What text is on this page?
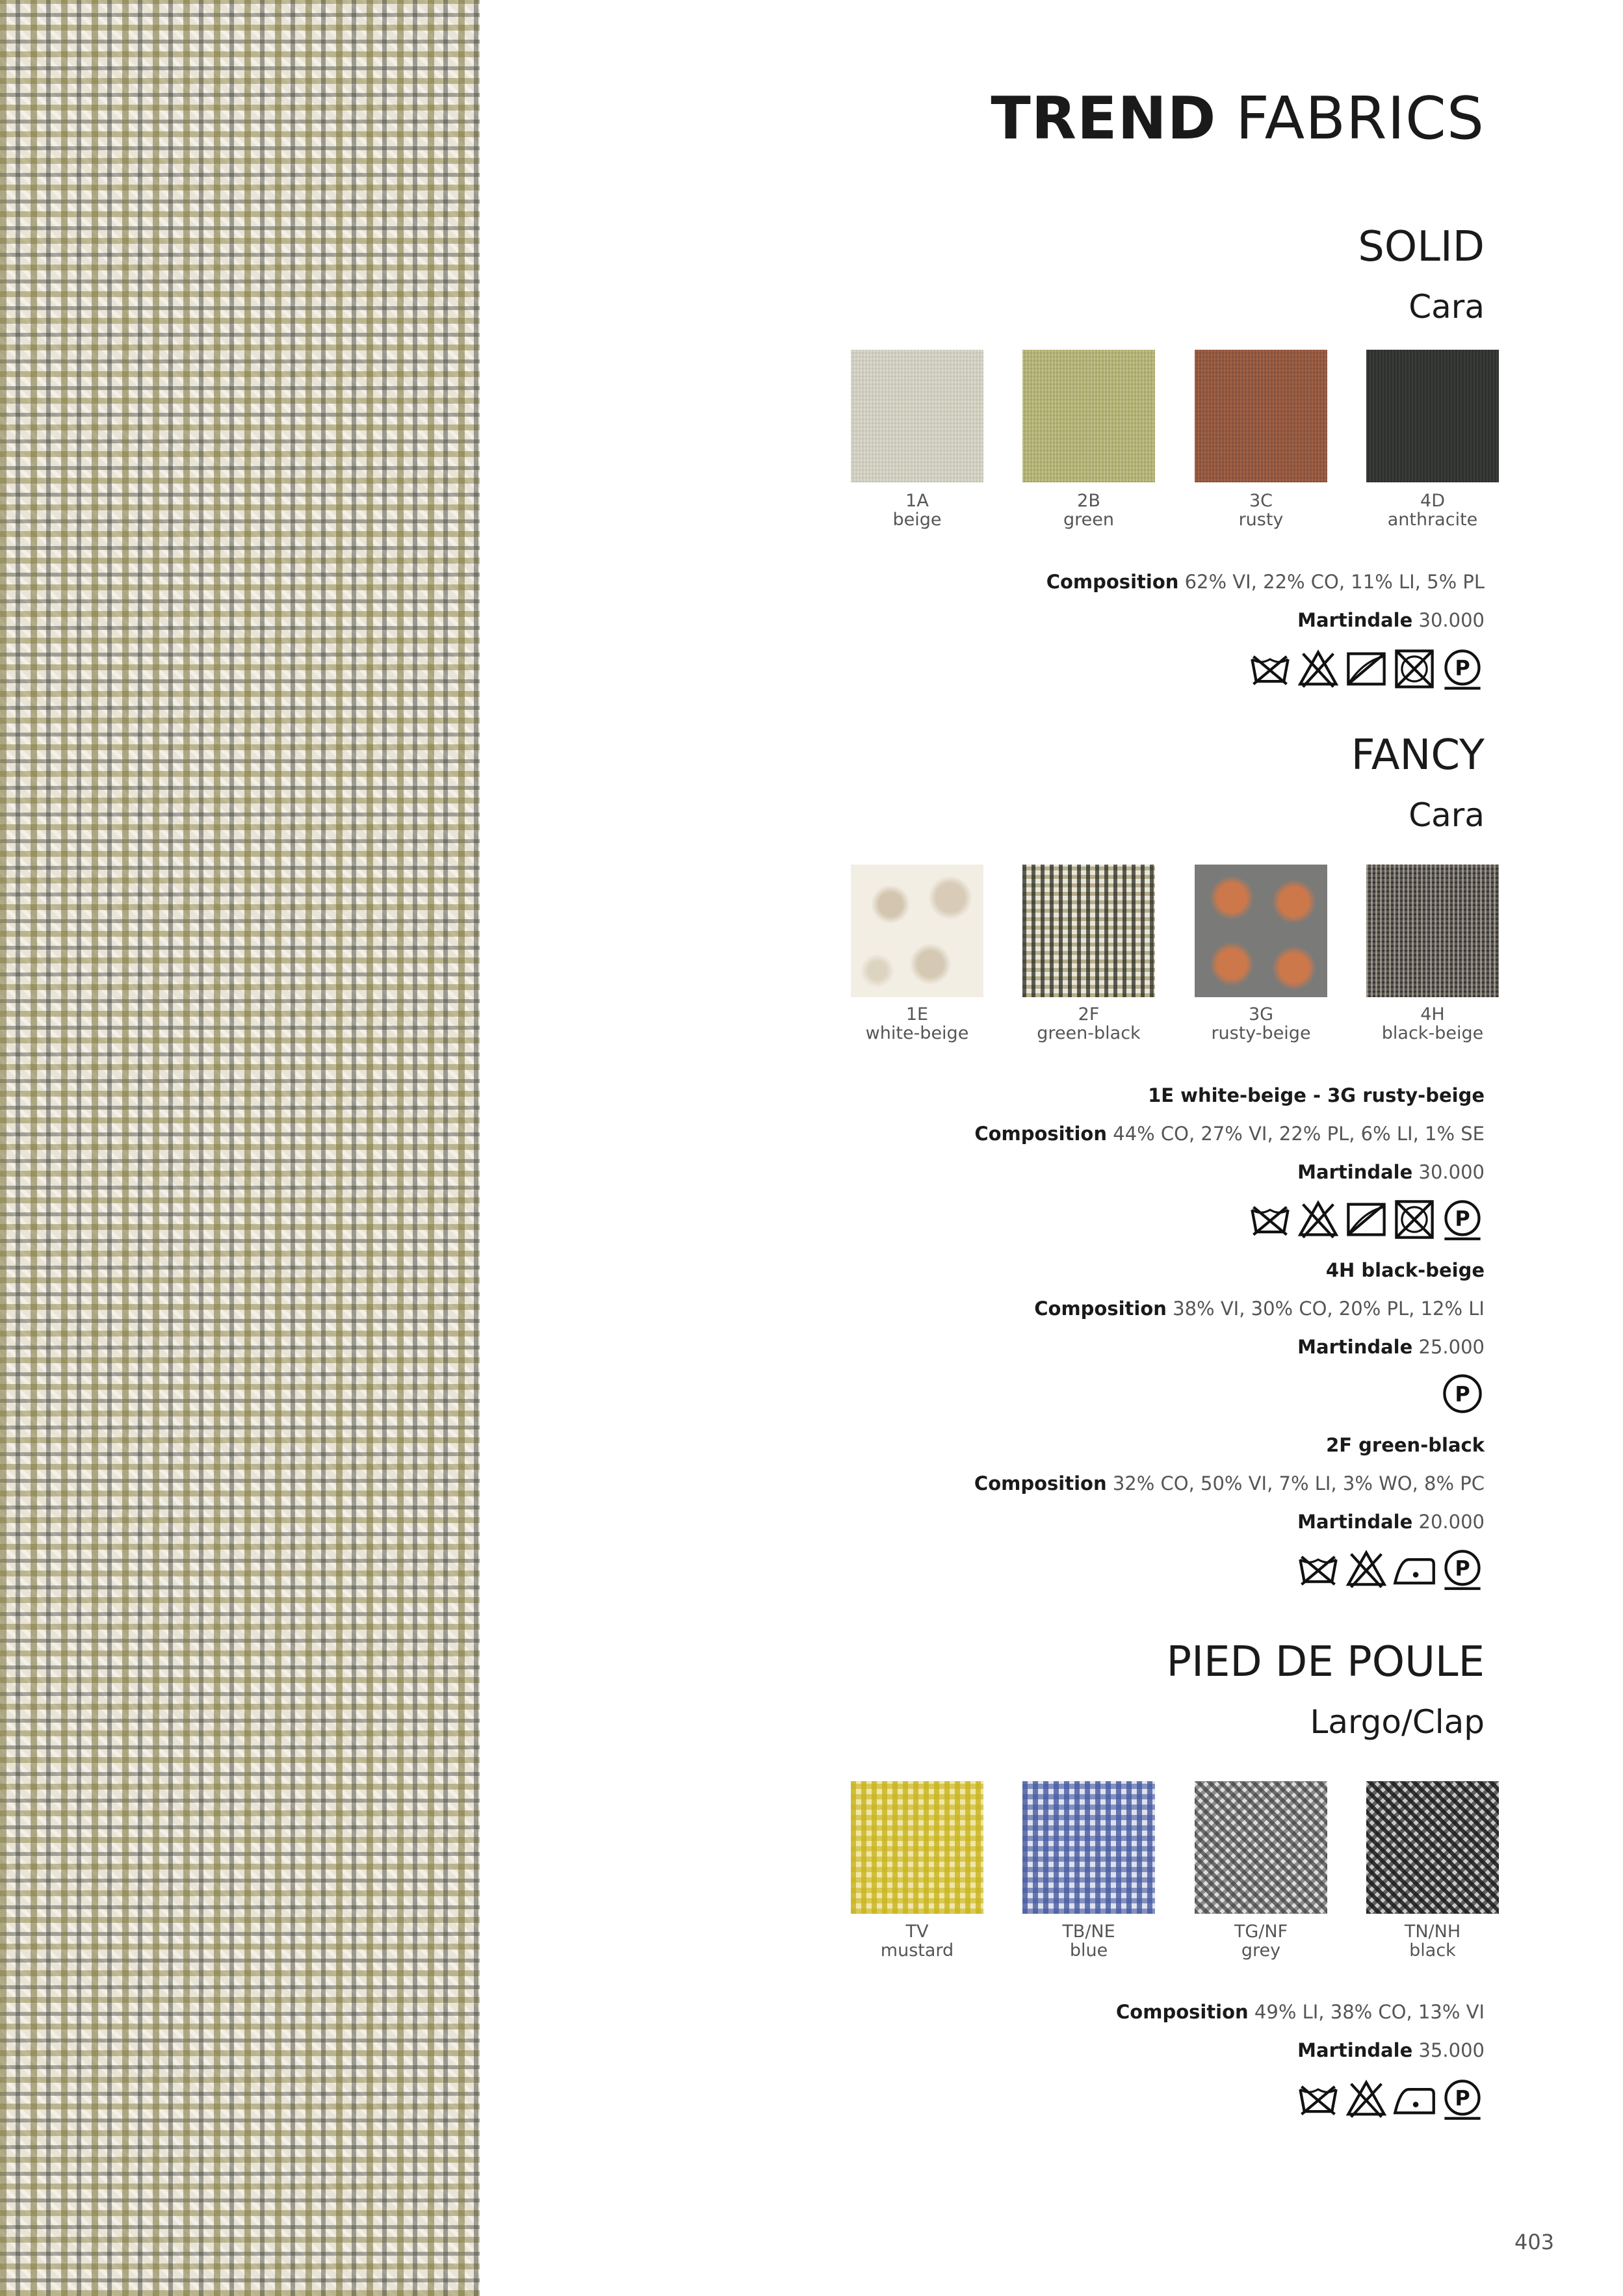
TREND FABRICS
SOLID
Cara
1A
beige
2B
green
3C
rusty
4D
anthracite
Composition 62% VI, 22% CO, 11% LI, 5% PL
Martindale 30.000
P
FANCY
Cara
1E
white-beige
2F
green-black
3G
rusty-beige
4H
black-beige
1E white-beige - 3G rusty-beige
Composition 44% CO, 27% VI, 22% PL, 6% LI, 1% SE
Martindale 30.000
P
4H black-beige
Composition 38% VI, 30% CO, 20% PL, 12% LI
Martindale 25.000
P
2F green-black
Composition 32% CO, 50% VI, 7% LI, 3% WO, 8% PC
Martindale 20.000
P
PIED DE POULE
Largo/Clap
TV
mustard
TB/NE
blue
TG/NF
grey
TN/NH
black
Composition 49% LI, 38% CO, 13% VI
Martindale 35.000
P
403
